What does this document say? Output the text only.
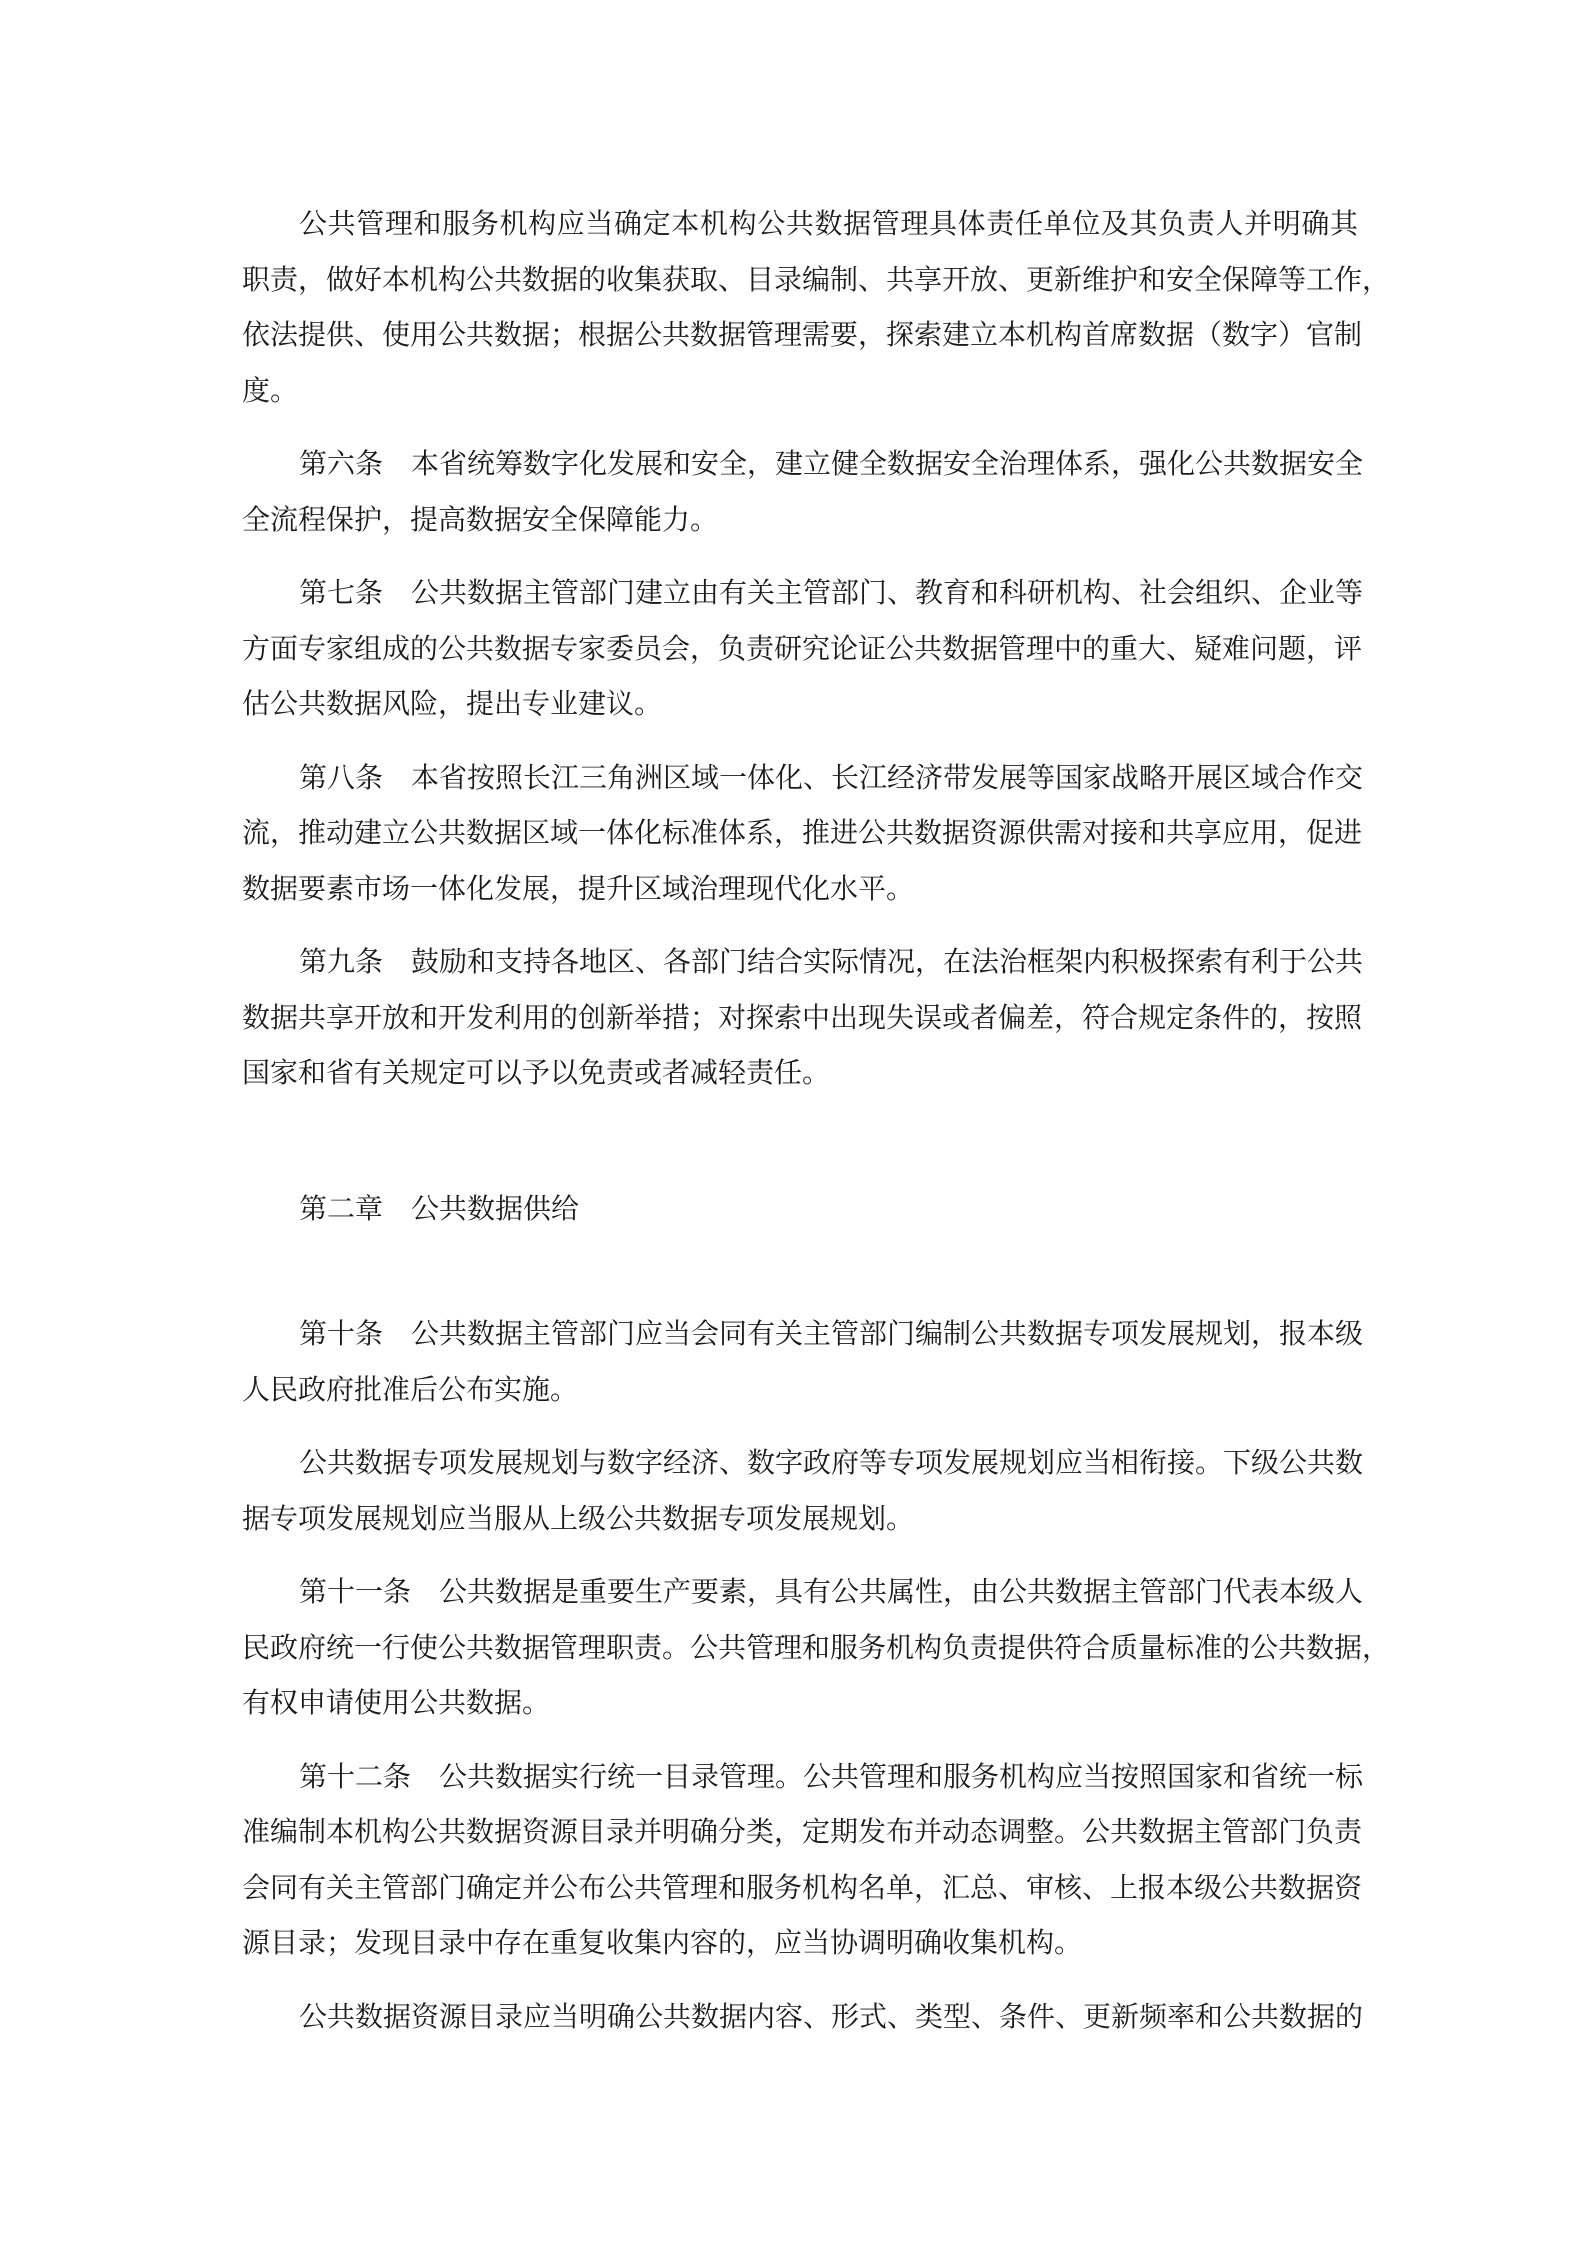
公共管理和服务机构应当确定本机构公共数据管理具体责任单位及其负责人并明确其
职责，做好本机构公共数据的收集获取、目录编制、共享开放、更新维护和安全保障等工作，
依法提供、使用公共数据；根据公共数据管理需要，探索建立本机构首席数据（数字）官制
度。
第六条　本省统筹数字化发展和安全，建立健全数据安全治理体系，强化公共数据安全
全流程保护，提高数据安全保障能力。
第七条　公共数据主管部门建立由有关主管部门、教育和科研机构、社会组织、企业等
方面专家组成的公共数据专家委员会，负责研究论证公共数据管理中的重大、疑难问题，评
估公共数据风险，提出专业建议。
第八条　本省按照长江三角洲区域一体化、长江经济带发展等国家战略开展区域合作交
流，推动建立公共数据区域一体化标准体系，推进公共数据资源供需对接和共享应用，促进
数据要素市场一体化发展，提升区域治理现代化水平。
第九条　鼓励和支持各地区、各部门结合实际情况，在法治框架内积极探索有利于公共
数据共享开放和开发利用的创新举措；对探索中出现失误或者偏差，符合规定条件的，按照
国家和省有关规定可以予以免责或者减轻责任。
第二章　公共数据供给
第十条　公共数据主管部门应当会同有关主管部门编制公共数据专项发展规划，报本级
人民政府批准后公布实施。
公共数据专项发展规划与数字经济、数字政府等专项发展规划应当相衔接。下级公共数
据专项发展规划应当服从上级公共数据专项发展规划。
第十一条　公共数据是重要生产要素，具有公共属性，由公共数据主管部门代表本级人
民政府统一行使公共数据管理职责。公共管理和服务机构负责提供符合质量标准的公共数据，
有权申请使用公共数据。
第十二条　公共数据实行统一目录管理。公共管理和服务机构应当按照国家和省统一标
准编制本机构公共数据资源目录并明确分类，定期发布并动态调整。公共数据主管部门负责
会同有关主管部门确定并公布公共管理和服务机构名单，汇总、审核、上报本级公共数据资
源目录；发现目录中存在重复收集内容的，应当协调明确收集机构。
公共数据资源目录应当明确公共数据内容、形式、类型、条件、更新频率和公共数据的
